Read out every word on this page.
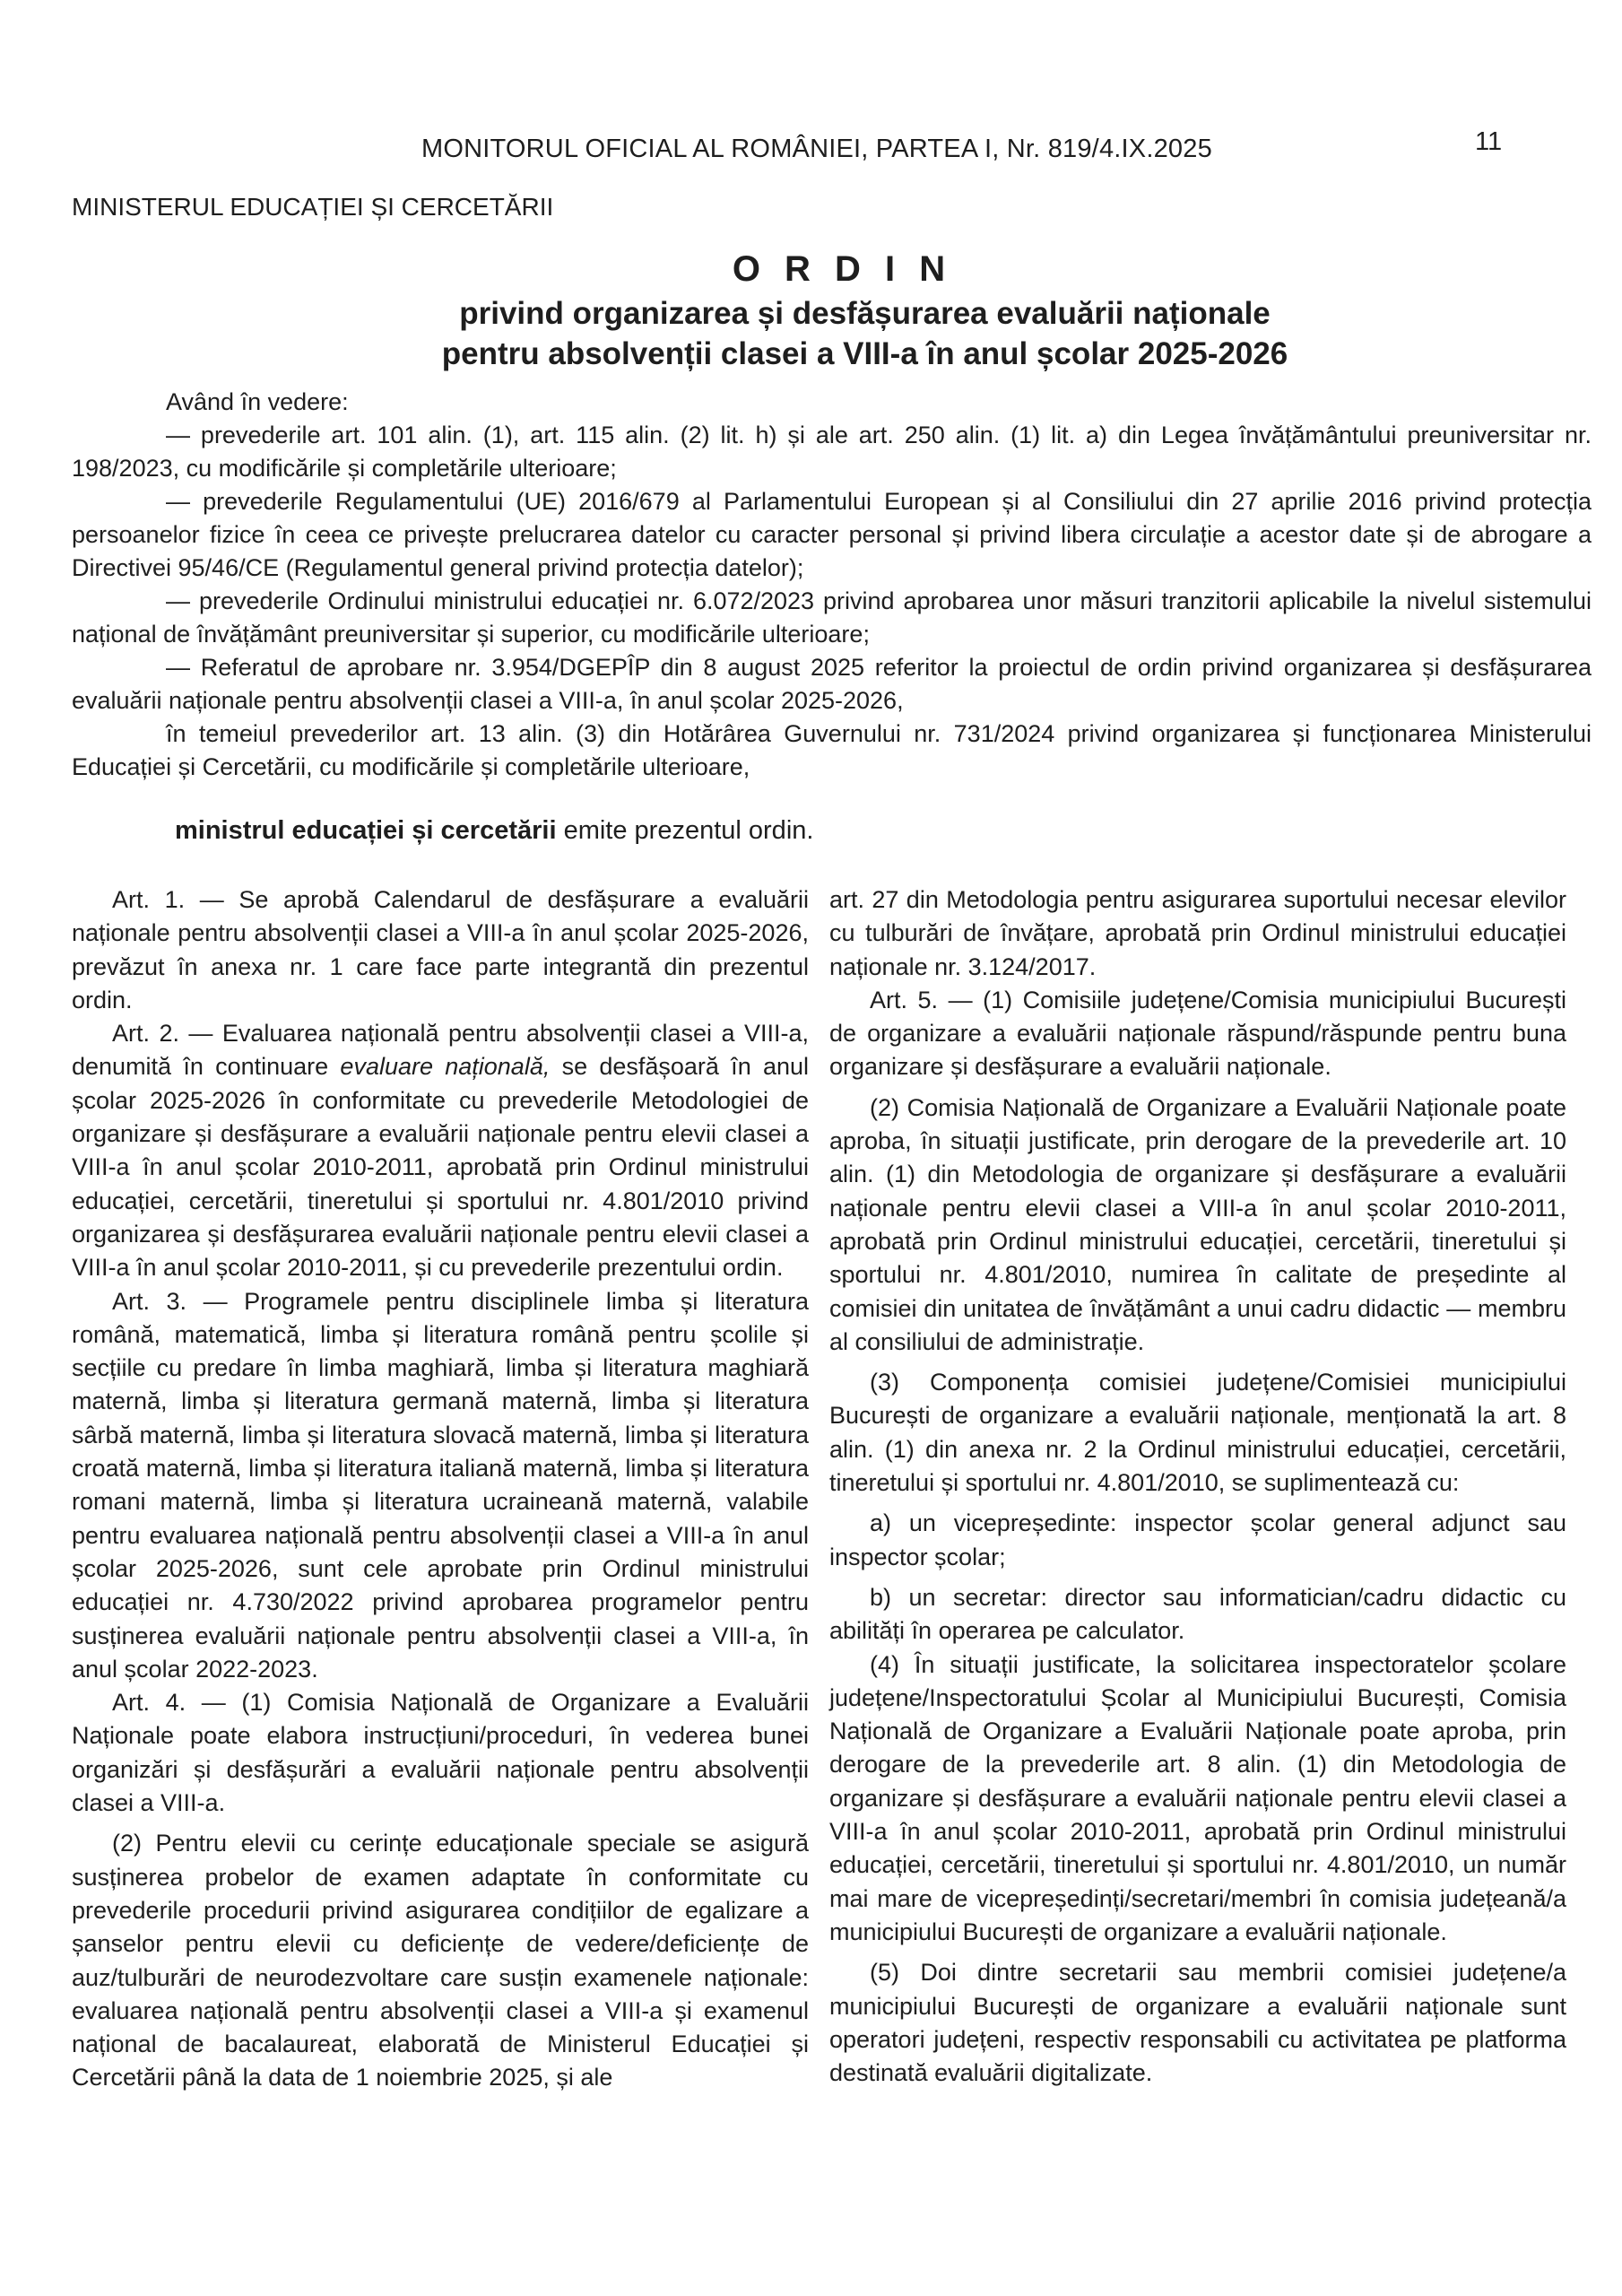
MONITORUL OFICIAL AL ROMÂNIEI, PARTEA I, Nr. 819/4.IX.2025	11
MINISTERUL EDUCAȚIEI ȘI CERCETĂRII
O R D I N
privind organizarea și desfășurarea evaluării naționale
pentru absolvenții clasei a VIII-a în anul școlar 2025-2026

Având în vedere:

— prevederile art. 101 alin. (1), art. 115 alin. (2) lit. h) și ale art. 250 alin. (1) lit. a) din Legea învățământului preuniversitar nr. 198/2023, cu modificările și completările ulterioare;

— prevederile Regulamentului (UE) 2016/679 al Parlamentului European și al Consiliului din 27 aprilie 2016 privind protecția persoanelor fizice în ceea ce privește prelucrarea datelor cu caracter personal și privind libera circulație a acestor date și de abrogare a Directivei 95/46/CE (Regulamentul general privind protecția datelor);

— prevederile Ordinului ministrului educației nr. 6.072/2023 privind aprobarea unor măsuri tranzitorii aplicabile la nivelul sistemului național de învățământ preuniversitar și superior, cu modificările ulterioare;

— Referatul de aprobare nr. 3.954/DGEPÎP din 8 august 2025 referitor la proiectul de ordin privind organizarea și desfășurarea evaluării naționale pentru absolvenții clasei a VIII-a, în anul școlar 2025-2026,

în temeiul prevederilor art. 13 alin. (3) din Hotărârea Guvernului nr. 731/2024 privind organizarea și funcționarea Ministerului Educației și Cercetării, cu modificările și completările ulterioare,

ministrul educației și cercetării emite prezentul ordin.

Art. 1. — Se aprobă Calendarul de desfășurare a evaluării naționale pentru absolvenții clasei a VIII-a în anul școlar 2025-2026, prevăzut în anexa nr. 1 care face parte integrantă din prezentul ordin.

Art. 2. — Evaluarea națională pentru absolvenții clasei a VIII-a, denumită în continuare evaluare națională, se desfășoară în anul școlar 2025-2026 în conformitate cu prevederile Metodologiei de organizare și desfășurare a evaluării naționale pentru elevii clasei a VIII-a în anul școlar 2010-2011, aprobată prin Ordinul ministrului educației, cercetării, tineretului și sportului nr. 4.801/2010 privind organizarea și desfășurarea evaluării naționale pentru elevii clasei a VIII-a în anul școlar 2010-2011, și cu prevederile prezentului ordin.

Art. 3. — Programele pentru disciplinele limba și literatura română, matematică, limba și literatura română pentru școlile și secțiile cu predare în limba maghiară, limba și literatura maghiară maternă, limba și literatura germană maternă, limba și literatura sârbă maternă, limba și literatura slovacă maternă, limba și literatura croată maternă, limba și literatura italiană maternă, limba și literatura romani maternă, limba și literatura ucraineană maternă, valabile pentru evaluarea națională pentru absolvenții clasei a VIII-a în anul școlar 2025-2026, sunt cele aprobate prin Ordinul ministrului educației nr. 4.730/2022 privind aprobarea programelor pentru susținerea evaluării naționale pentru absolvenții clasei a VIII-a, în anul școlar 2022-2023.

Art. 4. — (1) Comisia Națională de Organizare a Evaluării Naționale poate elabora instrucțiuni/proceduri, în vederea bunei organizări și desfășurări a evaluării naționale pentru absolvenții clasei a VIII-a.

(2) Pentru elevii cu cerințe educaționale speciale se asigură susținerea probelor de examen adaptate în conformitate cu prevederile procedurii privind asigurarea condițiilor de egalizare a șanselor pentru elevii cu deficiențe de vedere/deficiențe de auz/tulburări de neurodezvoltare care susțin examenele naționale: evaluarea națională pentru absolvenții clasei a VIII-a și examenul național de bacalaureat, elaborată de Ministerul Educației și Cercetării până la data de 1 noiembrie 2025, și ale

art. 27 din Metodologia pentru asigurarea suportului necesar elevilor cu tulburări de învățare, aprobată prin Ordinul ministrului educației naționale nr. 3.124/2017.

Art. 5. — (1) Comisiile județene/Comisia municipiului București de organizare a evaluării naționale răspund/răspunde pentru buna organizare și desfășurare a evaluării naționale.

(2) Comisia Națională de Organizare a Evaluării Naționale poate aproba, în situații justificate, prin derogare de la prevederile art. 10 alin. (1) din Metodologia de organizare și desfășurare a evaluării naționale pentru elevii clasei a VIII-a în anul școlar 2010-2011, aprobată prin Ordinul ministrului educației, cercetării, tineretului și sportului nr. 4.801/2010, numirea în calitate de președinte al comisiei din unitatea de învățământ a unui cadru didactic — membru al consiliului de administrație.

(3) Componența comisiei județene/Comisiei municipiului București de organizare a evaluării naționale, menționată la art. 8 alin. (1) din anexa nr. 2 la Ordinul ministrului educației, cercetării, tineretului și sportului nr. 4.801/2010, se suplimentează cu:

a) un vicepreședinte: inspector școlar general adjunct sau inspector școlar;

b) un secretar: director sau informatician/cadru didactic cu abilități în operarea pe calculator.

(4) În situații justificate, la solicitarea inspectoratelor școlare județene/Inspectoratului Școlar al Municipiului București, Comisia Națională de Organizare a Evaluării Naționale poate aproba, prin derogare de la prevederile art. 8 alin. (1) din Metodologia de organizare și desfășurare a evaluării naționale pentru elevii clasei a VIII-a în anul școlar 2010-2011, aprobată prin Ordinul ministrului educației, cercetării, tineretului și sportului nr. 4.801/2010, un număr mai mare de vicepreședinți/secretari/membri în comisia județeană/a municipiului București de organizare a evaluării naționale.

(5) Doi dintre secretarii sau membrii comisiei județene/a municipiului București de organizare a evaluării naționale sunt operatori județeni, respectiv responsabili cu activitatea pe platforma destinată evaluării digitalizate.
